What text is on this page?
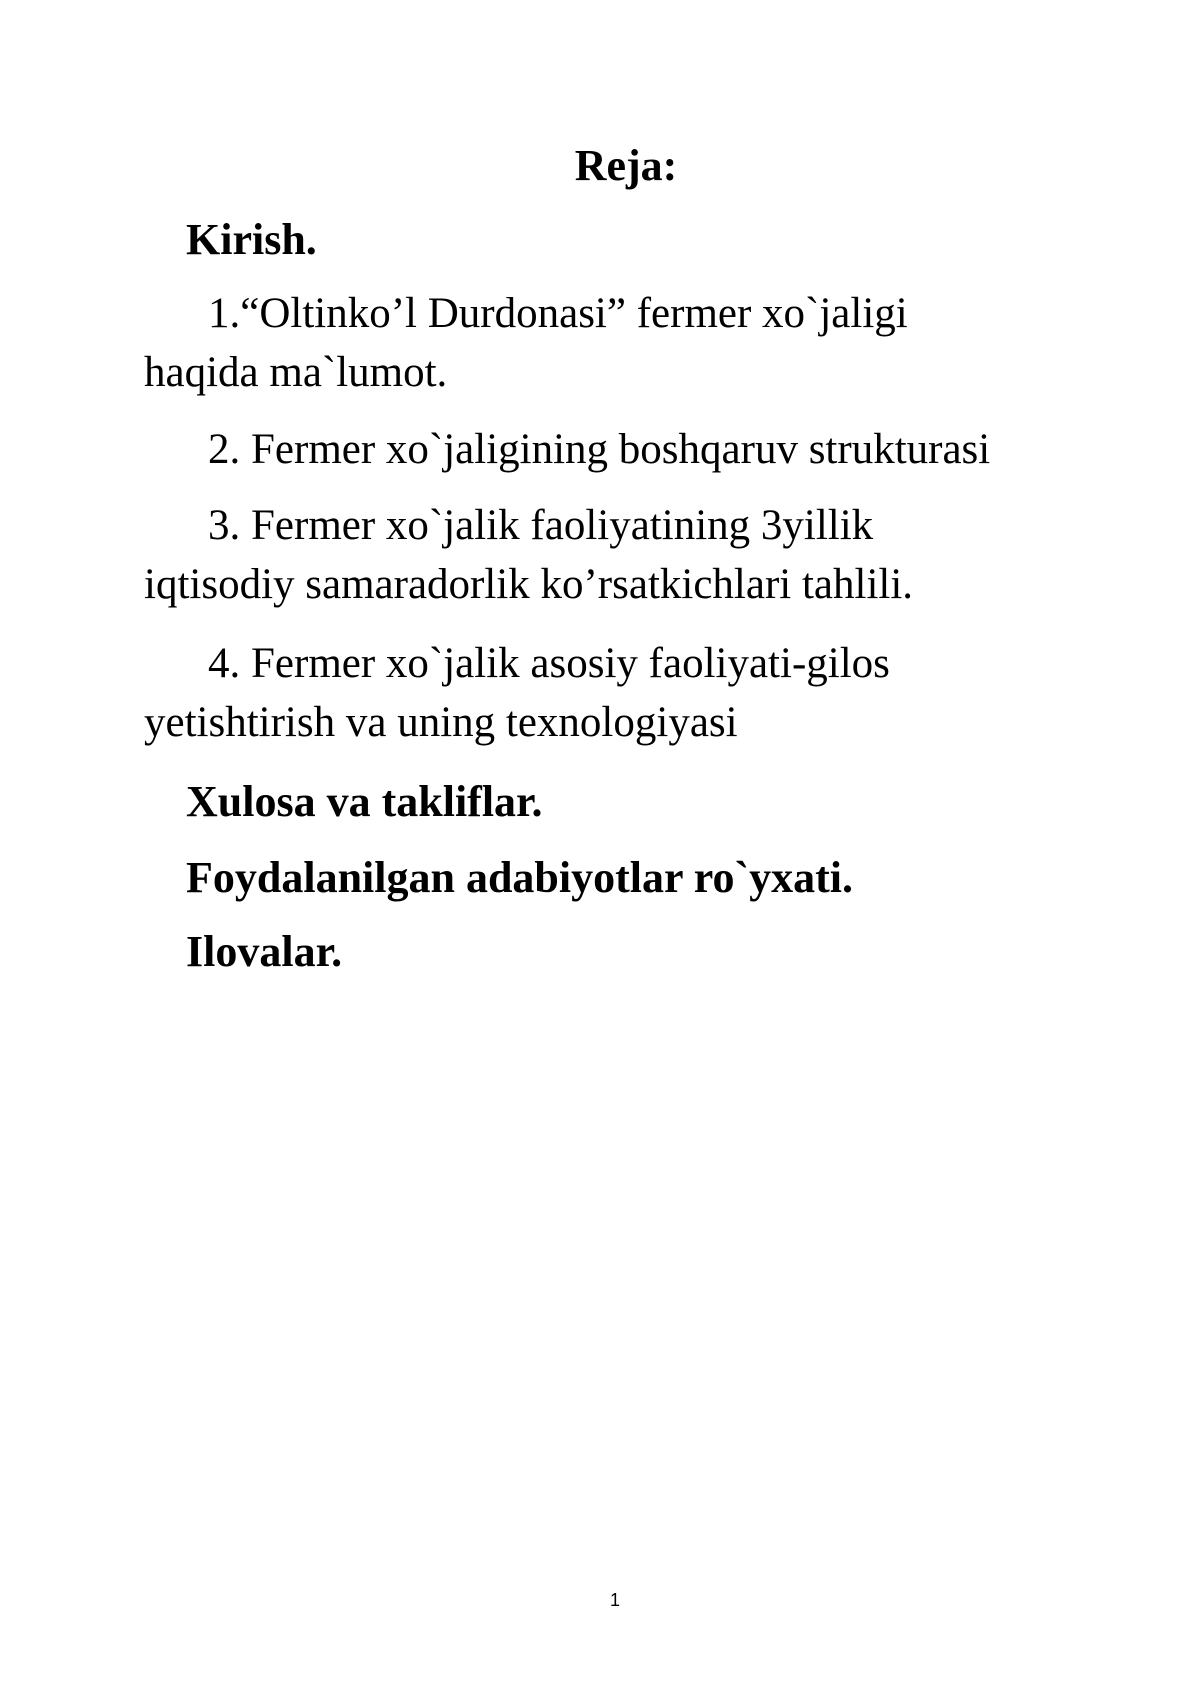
Reja:
Kirish.
1.“Oltinko’l Durdonasi” fermer xo`jaligi
haqida ma`lumot.
2. Fermer xo`jaligining boshqaruv strukturasi
3. Fermer xo`jalik faoliyatining 3yillik
iqtisodiy samaradorlik ko’rsatkichlari tahlili.
4. Fermer xo`jalik asosiy faoliyati-gilos
yetishtirish va uning texnologiyasi
Xulosa va takliflar.
Foydalanilgan adabiyotlar ro`yxati.
Ilovalar.
1
